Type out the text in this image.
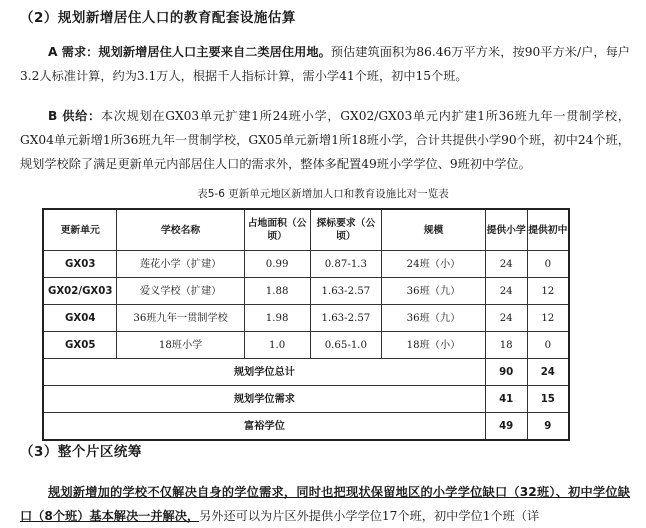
（2）规划新增居住人口的教育配套设施估算
A 需求：规划新增居住人口主要来自二类居住用地。预估建筑面积为86.46万平方米，按90平方米/户，每户3.2人标准计算，约为3.1万人，根据千人指标计算，需小学41个班，初中15个班。
B 供给：本次规划在GX03单元扩建1所24班小学，GX02/GX03单元内扩建1所36班九年一贯制学校，GX04单元新增1所36班九年一贯制学校，GX05单元新增1所18班小学，合计共提供小学90个班，初中24个班，规划学校除了满足更新单元内部居住人口的需求外，整体多配置49班小学学位、9班初中学位。
表5-6 更新单元地区新增加人口和教育设施比对一览表
更新单元	学校名称	占地面积（公顷）	探标要求（公顷）	规模	提供小学	提供初中
GX03	莲花小学（扩建）	0.99	0.87-1.3	24班（小）	24	0
GX02/GX03	爱义学校（扩建）	1.88	1.63-2.57	36班（九）	24	12
GX04	36班九年一贯制学校	1.98	1.63-2.57	36班（九）	24	12
GX05	18班小学	1.0	0.65-1.0	18班（小）	18	0
规划学位总计					90	24
规划学位需求					41	15
富裕学位					49	9
（3）整个片区统筹
规划新增加的学校不仅解决自身的学位需求，同时也把现状保留地区的小学学位缺口（32班）、初中学位缺口（8个班）基本解决一并解决，另外还可以为片区外提供小学学位17个班，初中学位1个班（详
